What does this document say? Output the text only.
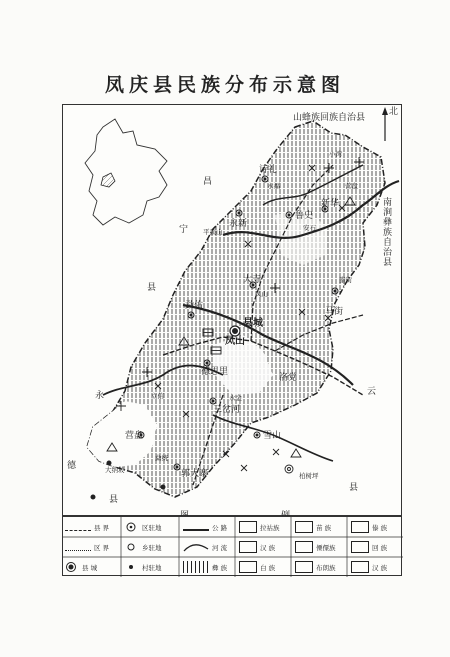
凤庆县民族分布示意图
山蜂族回族自治县
北
南涧彝族自治县
昌
宁
县
永
德
县
云
县
诗礼
永福
小湾
营盘
新华
鲁史
永新
平顶山
大寺
凤山
腊街
马街
县城
凤山
勐佑
德思里
三岔河
雪山
郭大寨
大纳坡
洛党
永金
柏树坪
营盘
勐统
立信
安石
县 界	区驻地	公 路	拉祜族	苗 族	傣 族
区 界	乡驻地	河 流	汉 族	傈僳族	回 族
县 城	村驻地	彝 族	白 族	布朗族	汉 族
